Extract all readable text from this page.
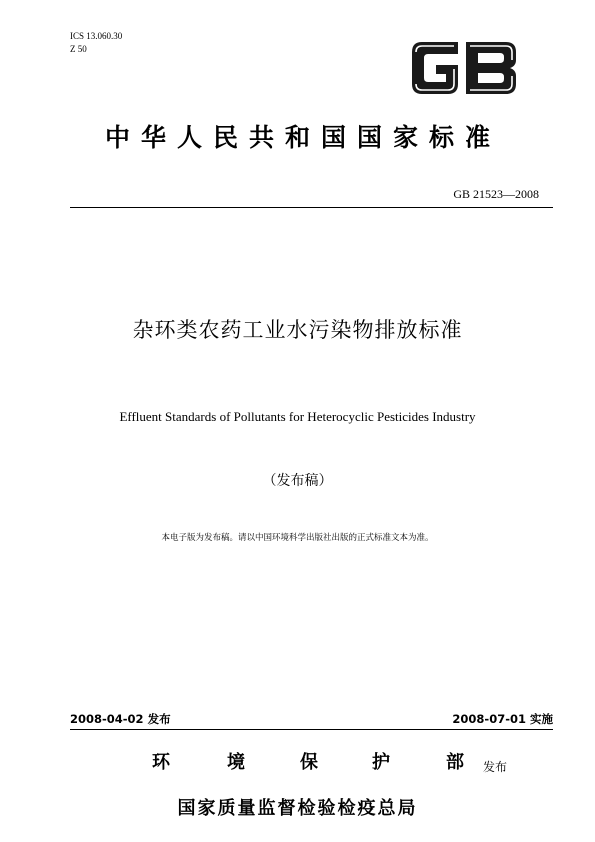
ICS 13.060.30
Z 50
中华人民共和国国家标准
GB 21523—2008
杂环类农药工业水污染物排放标准
Effluent Standards of Pollutants for Heterocyclic Pesticides Industry
（发布稿）
本电子版为发布稿。请以中国环境科学出版社出版的正式标准文本为准。
2008-04-02 发布	2008-07-01 实施
环	境	保	护	部 发布
国家质量监督检验检疫总局
